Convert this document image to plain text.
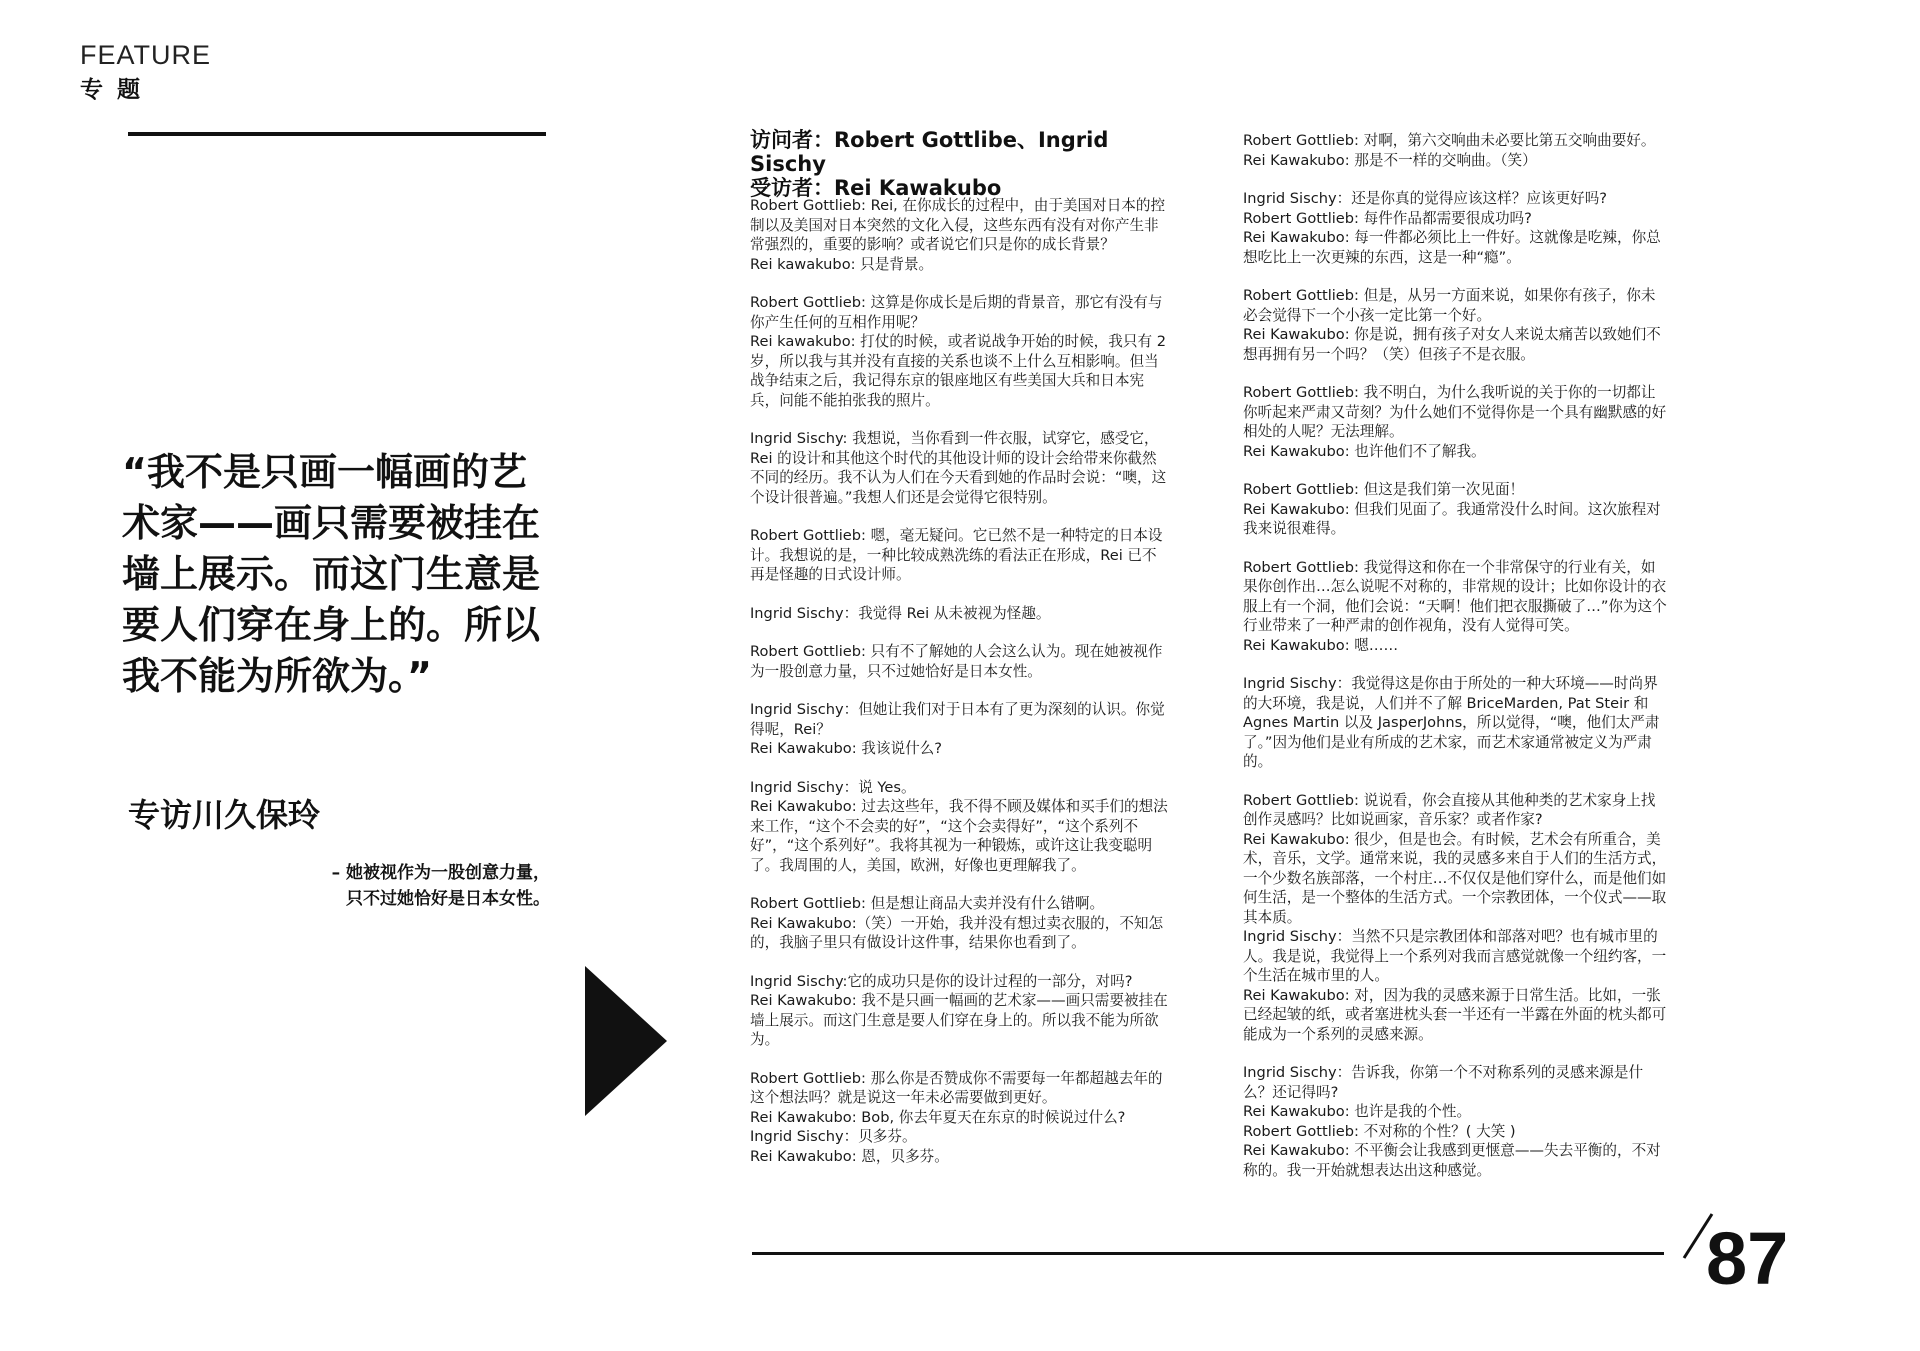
FEATURE
专 题
“我不是只画一幅画的艺术家——画只需要被挂在墙上展示。而这门生意是要人们穿在身上的。所以我不能为所欲为。”
专访川久保玲
– 她被视作为一股创意力量，
只不过她恰好是日本女性。
访问者：Robert Gottlibe、Ingrid Sischy
受访者：Rei Kawakubo
Robert Gottlieb: Rei, 在你成长的过程中，由于美国对日本的控制以及美国对日本突然的文化入侵，这些东西有没有对你产生非常强烈的，重要的影响？或者说它们只是你的成长背景？
Rei kawakubo: 只是背景。
Robert Gottlieb: 这算是你成长是后期的背景音，那它有没有与你产生任何的互相作用呢？
Rei kawakubo: 打仗的时候，或者说战争开始的时候，我只有 2 岁，所以我与其并没有直接的关系也谈不上什么互相影响。但当战争结束之后，我记得东京的银座地区有些美国大兵和日本宪兵，问能不能拍张我的照片。
Ingrid Sischy: 我想说，当你看到一件衣服，试穿它，感受它，Rei 的设计和其他这个时代的其他设计师的设计会给带来你截然不同的经历。我不认为人们在今天看到她的作品时会说：“噢，这个设计很普遍。”我想人们还是会觉得它很特别。
Robert Gottlieb: 嗯，毫无疑问。它已然不是一种特定的日本设计。我想说的是，一种比较成熟洗练的看法正在形成，Rei 已不再是怪趣的日式设计师。
Ingrid Sischy：我觉得 Rei 从未被视为怪趣。
Robert Gottlieb: 只有不了解她的人会这么认为。现在她被视作为一股创意力量，只不过她恰好是日本女性。
Ingrid Sischy：但她让我们对于日本有了更为深刻的认识。你觉得呢，Rei？
Rei Kawakubo: 我该说什么?
Ingrid Sischy：说 Yes。
Rei Kawakubo: 过去这些年，我不得不顾及媒体和买手们的想法来工作，“这个不会卖的好”，“这个会卖得好”，“这个系列不好”，“这个系列好”。我将其视为一种锻炼，或许这让我变聪明了。我周围的人，美国，欧洲，好像也更理解我了。
Robert Gottlieb: 但是想让商品大卖并没有什么错啊。
Rei Kawakubo:（笑）一开始，我并没有想过卖衣服的，不知怎的，我脑子里只有做设计这件事，结果你也看到了。
Ingrid Sischy:它的成功只是你的设计过程的一部分，对吗?
Rei Kawakubo: 我不是只画一幅画的艺术家——画只需要被挂在墙上展示。而这门生意是要人们穿在身上的。所以我不能为所欲为。
Robert Gottlieb: 那么你是否赞成你不需要每一年都超越去年的这个想法吗？就是说这一年未必需要做到更好。
Rei Kawakubo: Bob, 你去年夏天在东京的时候说过什么?
Ingrid Sischy：贝多芬。
Rei Kawakubo: 恩，贝多芬。
Robert Gottlieb: 对啊，第六交响曲未必要比第五交响曲要好。
Rei Kawakubo: 那是不一样的交响曲。（笑）
Ingrid Sischy：还是你真的觉得应该这样？应该更好吗?
Robert Gottlieb: 每件作品都需要很成功吗?
Rei Kawakubo: 每一件都必须比上一件好。这就像是吃辣，你总想吃比上一次更辣的东西，这是一种“瘾”。
Robert Gottlieb: 但是，从另一方面来说，如果你有孩子，你未必会觉得下一个小孩一定比第一个好。
Rei Kawakubo: 你是说，拥有孩子对女人来说太痛苦以致她们不想再拥有另一个吗？（笑）但孩子不是衣服。
Robert Gottlieb: 我不明白，为什么我听说的关于你的一切都让你听起来严肃又苛刻？为什么她们不觉得你是一个具有幽默感的好相处的人呢？无法理解。
Rei Kawakubo: 也许他们不了解我。
Robert Gottlieb: 但这是我们第一次见面！
Rei Kawakubo: 但我们见面了。我通常没什么时间。这次旅程对我来说很难得。
Robert Gottlieb: 我觉得这和你在一个非常保守的行业有关，如果你创作出…怎么说呢不对称的，非常规的设计；比如你设计的衣服上有一个洞，他们会说：“天啊！他们把衣服撕破了…”你为这个行业带来了一种严肃的创作视角，没有人觉得可笑。
Rei Kawakubo: 嗯……
Ingrid Sischy：我觉得这是你由于所处的一种大环境——时尚界的大环境，我是说，人们并不了解 BriceMarden, Pat Steir 和 Agnes Martin 以及 JasperJohns，所以觉得，“噢，他们太严肃了。”因为他们是业有所成的艺术家，而艺术家通常被定义为严肃的。
Robert Gottlieb: 说说看，你会直接从其他种类的艺术家身上找创作灵感吗？比如说画家，音乐家？或者作家?
Rei Kawakubo: 很少，但是也会。有时候，艺术会有所重合，美术，音乐，文学。通常来说，我的灵感多来自于人们的生活方式，一个少数名族部落，一个村庄…不仅仅是他们穿什么，而是他们如何生活，是一个整体的生活方式。一个宗教团体，一个仪式——取其本质。
Ingrid Sischy：当然不只是宗教团体和部落对吧？也有城市里的人。我是说，我觉得上一个系列对我而言感觉就像一个纽约客，一个生活在城市里的人。
Rei Kawakubo: 对，因为我的灵感来源于日常生活。比如，一张已经起皱的纸，或者塞进枕头套一半还有一半露在外面的枕头都可能成为一个系列的灵感来源。
Ingrid Sischy：告诉我，你第一个不对称系列的灵感来源是什么？还记得吗?
Rei Kawakubo: 也许是我的个性。
Robert Gottlieb: 不对称的个性？( 大笑 )
Rei Kawakubo: 不平衡会让我感到更惬意——失去平衡的，不对称的。我一开始就想表达出这种感觉。
87
